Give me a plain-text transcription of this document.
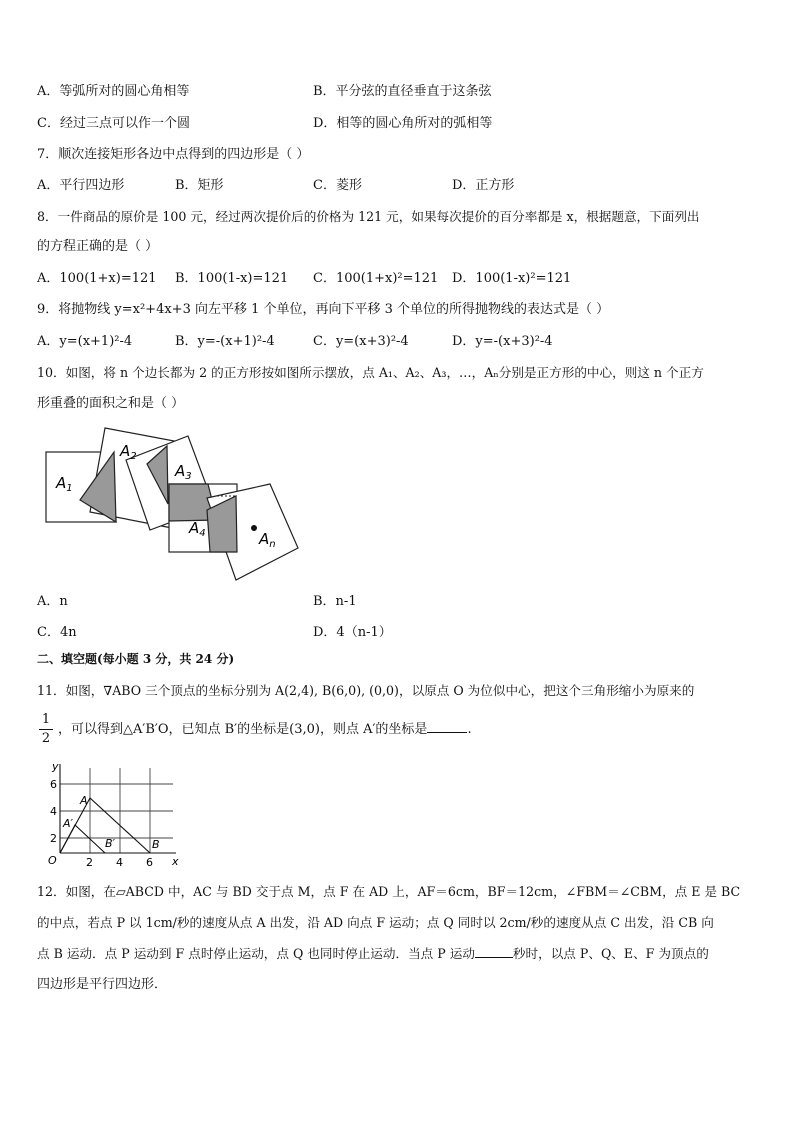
A．等弧所对的圆心角相等	B．平分弦的直径垂直于这条弦
C．经过三点可以作一个圆	D．相等的圆心角所对的弧相等
7．顺次连接矩形各边中点得到的四边形是（ ）
A．平行四边形	B．矩形	C．菱形	D．正方形
8．一件商品的原价是 100 元，经过两次提价后的价格为 121 元，如果每次提价的百分率都是 x，根据题意，下面列出
的方程正确的是（ ）
A．100(1+x)=121 B．100(1-x)=121 C．100(1+x)²=121 D．100(1-x)²=121
9．将抛物线 y=x²+4x+3 向左平移 1 个单位，再向下平移 3 个单位的所得抛物线的表达式是（ ）
A．y=(x+1)²-4	B．y=-(x+1)²-4	C．y=(x+3)²-4	D．y=-(x+3)²-4
10．如图，将 n 个边长都为 2 的正方形按如图所示摆放，点 A₁、A₂、A₃，…，Aₙ分别是正方形的中心，则这 n 个正方
形重叠的面积之和是（ ）
$A_1$
$A_2$
$A_3$
$A_4$	$A_n$
A．n	B．n-1
C．4n	D．4（n-1）
二、填空题(每小题 3 分，共 24 分)
11．如图，∇ABO 三个顶点的坐标分别为 A(2,4), B(6,0), (0,0)，以原点 O 为位似中心，把这个三角形缩小为原来的
1
2
，可以得到△A′B′O，已知点 B′的坐标是(3,0)，则点 A′的坐标是	.
y
x
6
4
2
2 4 6
O
A
A′
B′	B
12．如图，在▱ABCD 中，AC 与 BD 交于点 M，点 F 在 AD 上，AF＝6cm，BF＝12cm，∠FBM＝∠CBM，点 E 是 BC
的中点，若点 P 以 1cm/秒的速度从点 A 出发，沿 AD 向点 F 运动；点 Q 同时以 2cm/秒的速度从点 C 出发，沿 CB 向
点 B 运动．点 P 运动到 F 点时停止运动，点 Q 也同时停止运动．当点 P 运动	秒时，以点 P、Q、E、F 为顶点的
四边形是平行四边形．
